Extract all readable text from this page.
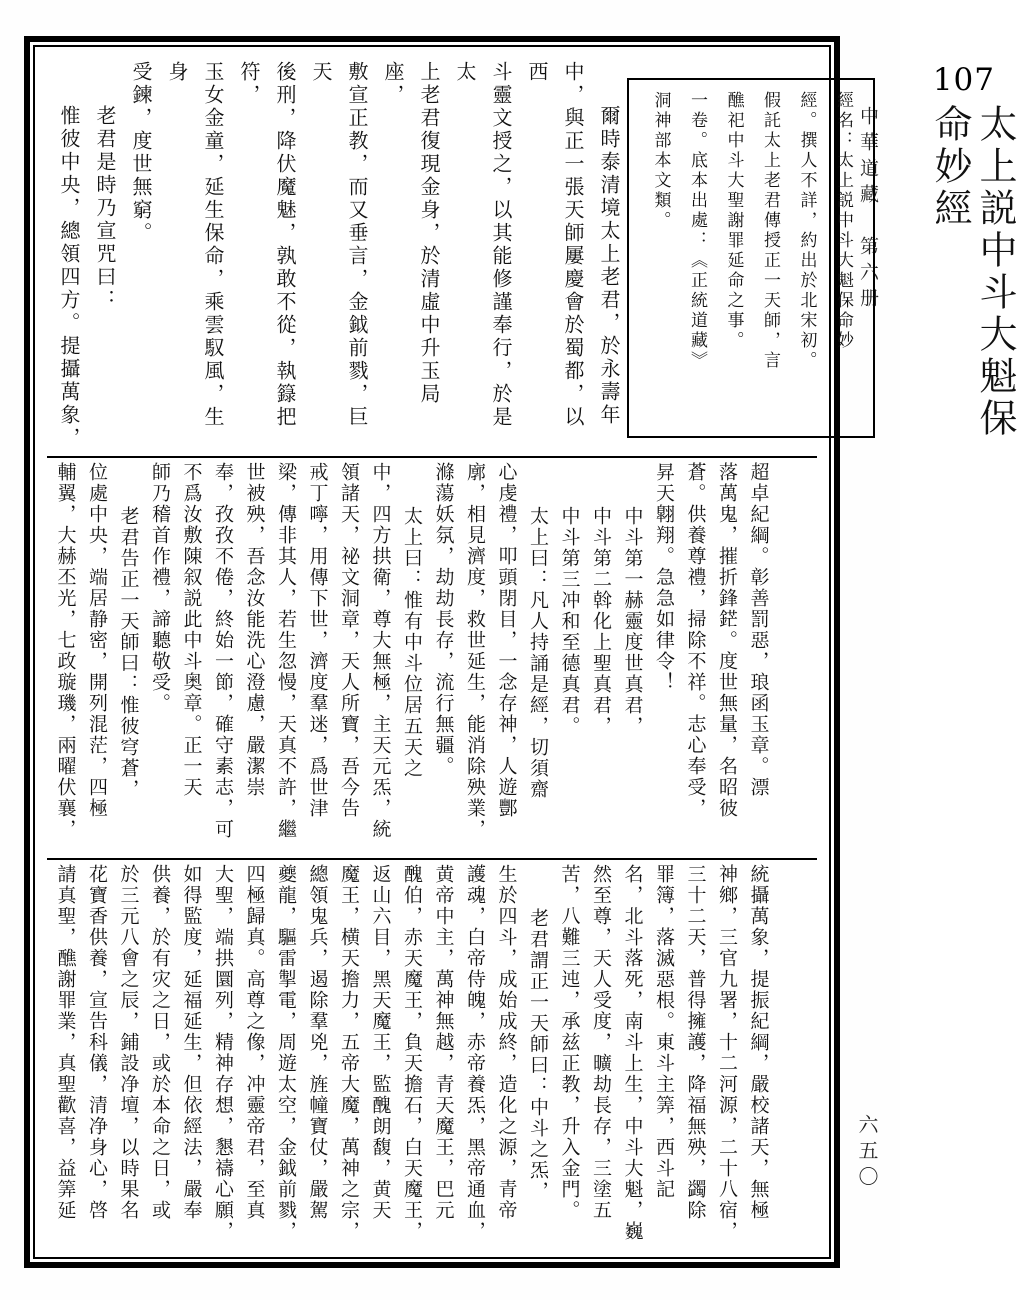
中華道藏　第六册
六五〇
107
太上説中斗大魁保
命妙經
經名：太上説中斗大魁保命妙
經。撰人不詳，約出於北宋初。
假託太上老君傳授正一天師，言
醮祀中斗大聖謝罪延命之事。
一卷。底本出處：《正統道藏》
洞神部本文類。
爾時泰清境太上老君，於永壽年
中，與正一張天師屢慶會於蜀都，以西
斗靈文授之，以其能修謹奉行，於是太
上老君復現金身，於清虛中升玉局座，
敷宣正教，而又垂言，金鉞前戮，巨天
後刑，降伏魔魅，孰敢不從，執籙把符，
玉女金童，延生保命，乘雲馭風，生身
受鍊，度世無窮。
老君是時乃宣咒曰：
惟彼中央，總領四方。提攝萬象，
超卓紀綱。彰善罰惡，琅函玉章。漂
落萬鬼，摧折鋒鋩。度世無量，名昭彼
蒼。供養尊禮，掃除不祥。志心奉受，
昇天翺翔。急急如律令！
中斗第一赫靈度世真君，
中斗第二斡化上聖真君，
中斗第三冲和至德真君。
太上曰：凡人持誦是經，切須齋
心虔禮，叩頭閉目，一念存神，人遊酆
廓，相見濟度，救世延生，能消除殃業，
滌蕩妖氛，劫劫長存，流行無疆。
太上曰：惟有中斗位居五天之
中，四方拱衛，尊大無極，主天元炁，統
領諸天，祕文洞章，天人所寶，吾今告
戒丁嚀，用傳下世，濟度羣迷，爲世津
梁，傳非其人，若生忽慢，天真不許，繼
世被殃，吾念汝能洗心澄慮，嚴潔崇
奉，孜孜不倦，終始一節，確守素志，可
不爲汝敷陳叙説此中斗奥章。正一天
師乃稽首作禮，諦聽敬受。
老君告正一天師曰：惟彼穹蒼，
位處中央，端居静密，開列混茫，四極
輔翼，大赫丕光，七政璇璣，兩曜伏襄，
統攝萬象，提振紀綱，嚴校諸天，無極
神鄉，三官九署，十二河源，二十八宿，
三十二天，普得擁護，降福無殃，蠲除
罪簿，落滅惡根。東斗主筭，西斗記
名，北斗落死，南斗上生，中斗大魁，巍
然至尊，天人受度，曠劫長存，三塗五
苦，八難三迍，承兹正教，升入金門。
老君謂正一天師曰：中斗之炁，
生於四斗，成始成終，造化之源，青帝
護魂，白帝侍魄，赤帝養炁，黑帝通血，
黄帝中主，萬神無越，青天魔王，巴元
醜伯，赤天魔王，負天擔石，白天魔王，
返山六目，黑天魔王，監醜朗馥，黄天
魔王，横天擔力，五帝大魔，萬神之宗，
總領鬼兵，遏除羣兇，旌幢寶仗，嚴駕
夔龍，驅雷掣電，周遊太空，金鉞前戮，
四極歸真。高尊之像，冲靈帝君，至真
大聖，端拱圜列，精神存想，懇禱心願，
如得監度，延福延生，但依經法，嚴奉
供養，於有灾之日，或於本命之日，或
於三元八會之辰，鋪設净壇，以時果名
花寶香供養，宣告科儀，清净身心，啓
請真聖，醮謝罪業，真聖歡喜，益筭延
